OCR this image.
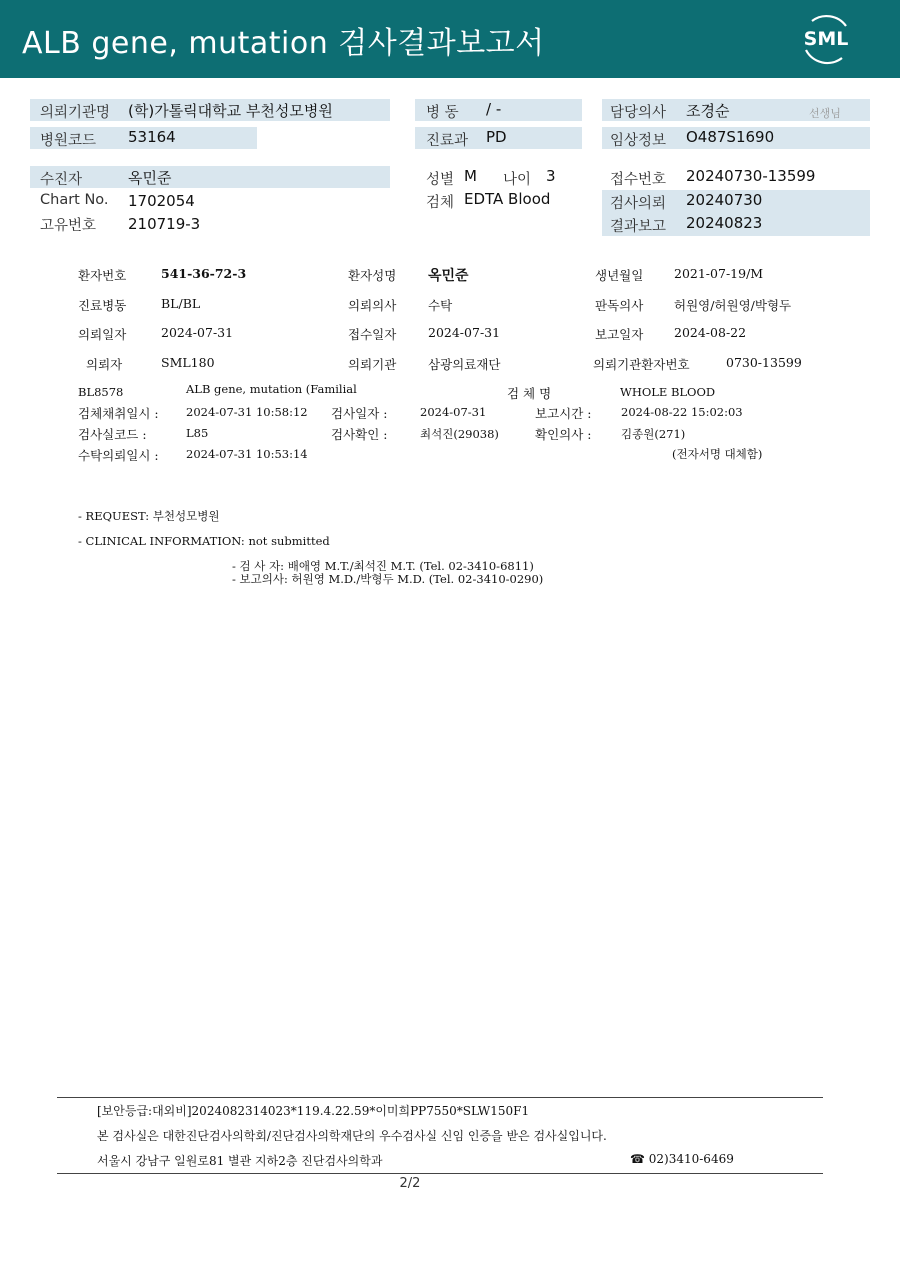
ALB gene, mutation 검사결과보고서	SML
의뢰기관명 (학)가톨릭대학교 부천성모병원
병원코드 53164
병 동 / -
진료과 PD
담당의사 조경순	선생님
임상정보 O487S1690
수진자	옥민준
Chart No. 1702054
고유번호 210719-3
성별 M 나이 3
검체 EDTA Blood
접수번호 20240730-13599
검사의뢰 20240730
결과보고 20240823
환자번호	541-36-72-3	환자성명 옥민준	생년월일 2021-07-19/M
진료병동	BL/BL	의뢰의사	수탁	판독의사 허원영/허원영/박형두
의뢰일자	2024-07-31	접수일자	2024-07-31	보고일자 2024-08-22
의뢰자	SML180	의뢰기관	삼광의료재단	의뢰기관환자번호	0730-13599
BL8578	ALB gene, mutation (Familial	검 체 명	WHOLE BLOOD
검체채취일시 : 2024-07-31 10:58:12 검사일자 :	2024-07-31	보고시간 :	2024-08-22 15:02:03
검사실코드 :	L85	검사확인 :	최석진(29038)	확인의사 :	김종원(271)
수탁의뢰일시 : 2024-07-31 10:53:14	(전자서명 대체함)
- REQUEST: 부천성모병원
- CLINICAL INFORMATION: not submitted
- 검 사 자: 배애영 M.T./최석진 M.T. (Tel. 02-3410-6811)
- 보고의사: 허원영 M.D./박형두 M.D. (Tel. 02-3410-0290)
[보안등급:대외비]2024082314023*119.4.22.59*이미희PP7550*SLW150F1
본 검사실은 대한진단검사의학회/진단검사의학재단의 우수검사실 신임 인증을 받은 검사실입니다.
서울시 강남구 일원로81 별관 지하2층 진단검사의학과	☎ 02)3410-6469
2/2
